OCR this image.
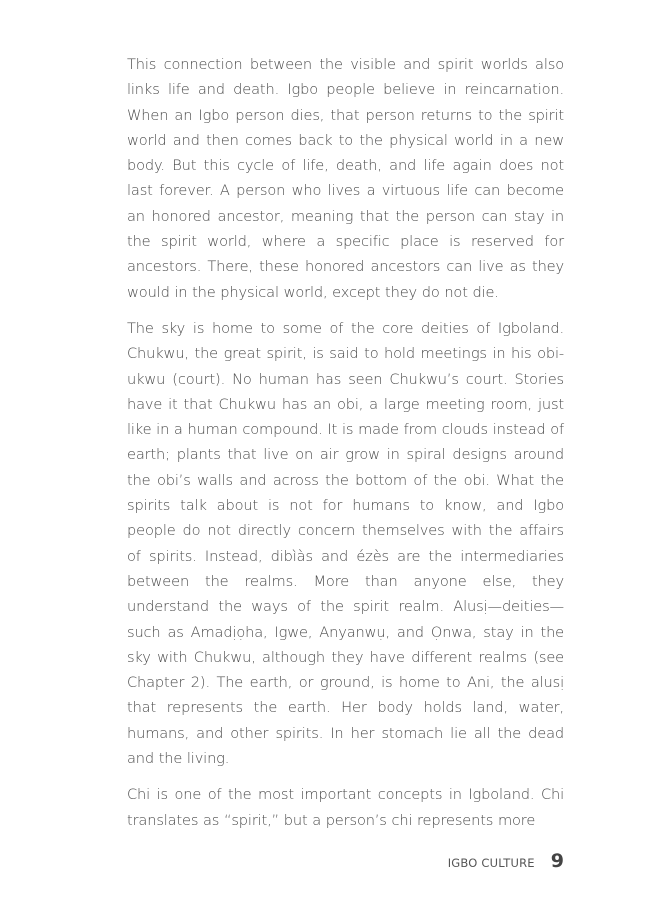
This connection between the visible and spirit worlds also links life and death. Igbo people believe in reincarnation. When an Igbo person dies, that person returns to the spirit world and then comes back to the physical world in a new body. But this cycle of life, death, and life again does not last forever. A person who lives a virtuous life can become an honored ancestor, meaning that the person can stay in the spirit world, where a specific place is reserved for ancestors. There, these honored ancestors can live as they would in the physical world, except they do not die.

The sky is home to some of the core deities of Igboland. Chukwu, the great spirit, is said to hold meetings in his obi-ukwu (court). No human has seen Chukwu’s court. Stories have it that Chukwu has an obi, a large meeting room, just like in a human compound. It is made from clouds instead of earth; plants that live on air grow in spiral designs around the obi’s walls and across the bottom of the obi. What the spirits talk about is not for humans to know, and Igbo people do not directly concern themselves with the affairs of spirits. Instead, dibìàs and ézès are the intermediaries between the realms. More than anyone else, they understand the ways of the spirit realm. Alusị—deities—such as Amadịọha, Igwe, Anyanwụ, and Ọnwa, stay in the sky with Chukwu, although they have different realms (see Chapter 2). The earth, or ground, is home to Ani, the alusị that represents the earth. Her body holds land, water, humans, and other spirits. In her stomach lie all the dead and the living.

Chi is one of the most important concepts in Igboland. Chi translates as “spirit,” but a person’s chi represents more

IGBO CULTURE 9
